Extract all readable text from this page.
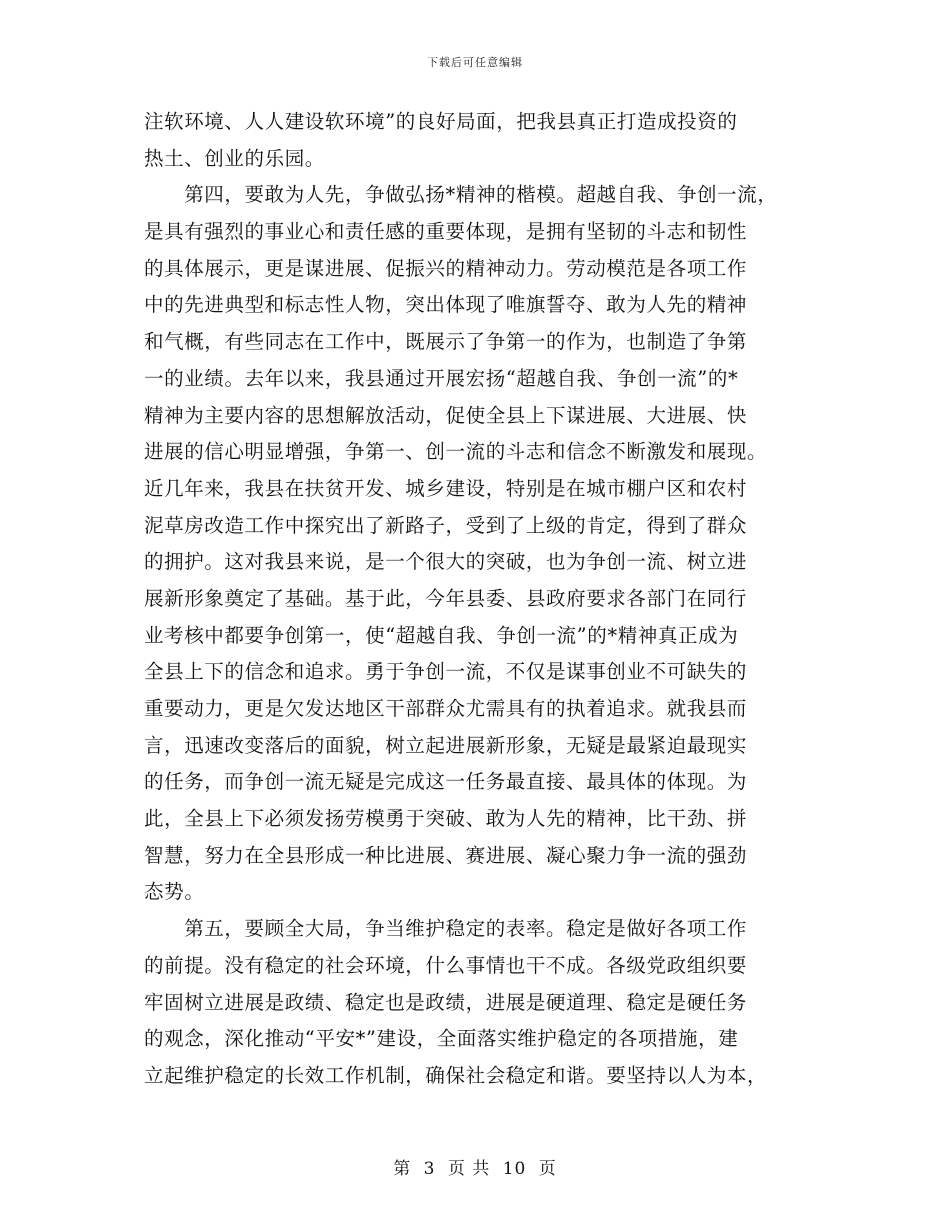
下载后可任意编辑
注软环境、人人建设软环境”的良好局面，把我县真正打造成投资的
热土、创业的乐园。
　　第四，要敢为人先，争做弘扬*精神的楷模。超越自我、争创一流，
是具有强烈的事业心和责任感的重要体现，是拥有坚韧的斗志和韧性
的具体展示，更是谋进展、促振兴的精神动力。劳动模范是各项工作
中的先进典型和标志性人物，突出体现了唯旗誓夺、敢为人先的精神
和气概，有些同志在工作中，既展示了争第一的作为，也制造了争第
一的业绩。去年以来，我县通过开展宏扬“超越自我、争创一流”的*
精神为主要内容的思想解放活动，促使全县上下谋进展、大进展、快
进展的信心明显增强，争第一、创一流的斗志和信念不断激发和展现。
近几年来，我县在扶贫开发、城乡建设，特别是在城市棚户区和农村
泥草房改造工作中探究出了新路子，受到了上级的肯定，得到了群众
的拥护。这对我县来说，是一个很大的突破，也为争创一流、树立进
展新形象奠定了基础。基于此，今年县委、县政府要求各部门在同行
业考核中都要争创第一，使“超越自我、争创一流”的*精神真正成为
全县上下的信念和追求。勇于争创一流，不仅是谋事创业不可缺失的
重要动力，更是欠发达地区干部群众尤需具有的执着追求。就我县而
言，迅速改变落后的面貌，树立起进展新形象，无疑是最紧迫最现实
的任务，而争创一流无疑是完成这一任务最直接、最具体的体现。为
此，全县上下必须发扬劳模勇于突破、敢为人先的精神，比干劲、拼
智慧，努力在全县形成一种比进展、赛进展、凝心聚力争一流的强劲
态势。
　　第五，要顾全大局，争当维护稳定的表率。稳定是做好各项工作
的前提。没有稳定的社会环境，什么事情也干不成。各级党政组织要
牢固树立进展是政绩、稳定也是政绩，进展是硬道理、稳定是硬任务
的观念，深化推动“平安*”建设，全面落实维护稳定的各项措施，建
立起维护稳定的长效工作机制，确保社会稳定和谐。要坚持以人为本，
第 3 页 共 10 页
